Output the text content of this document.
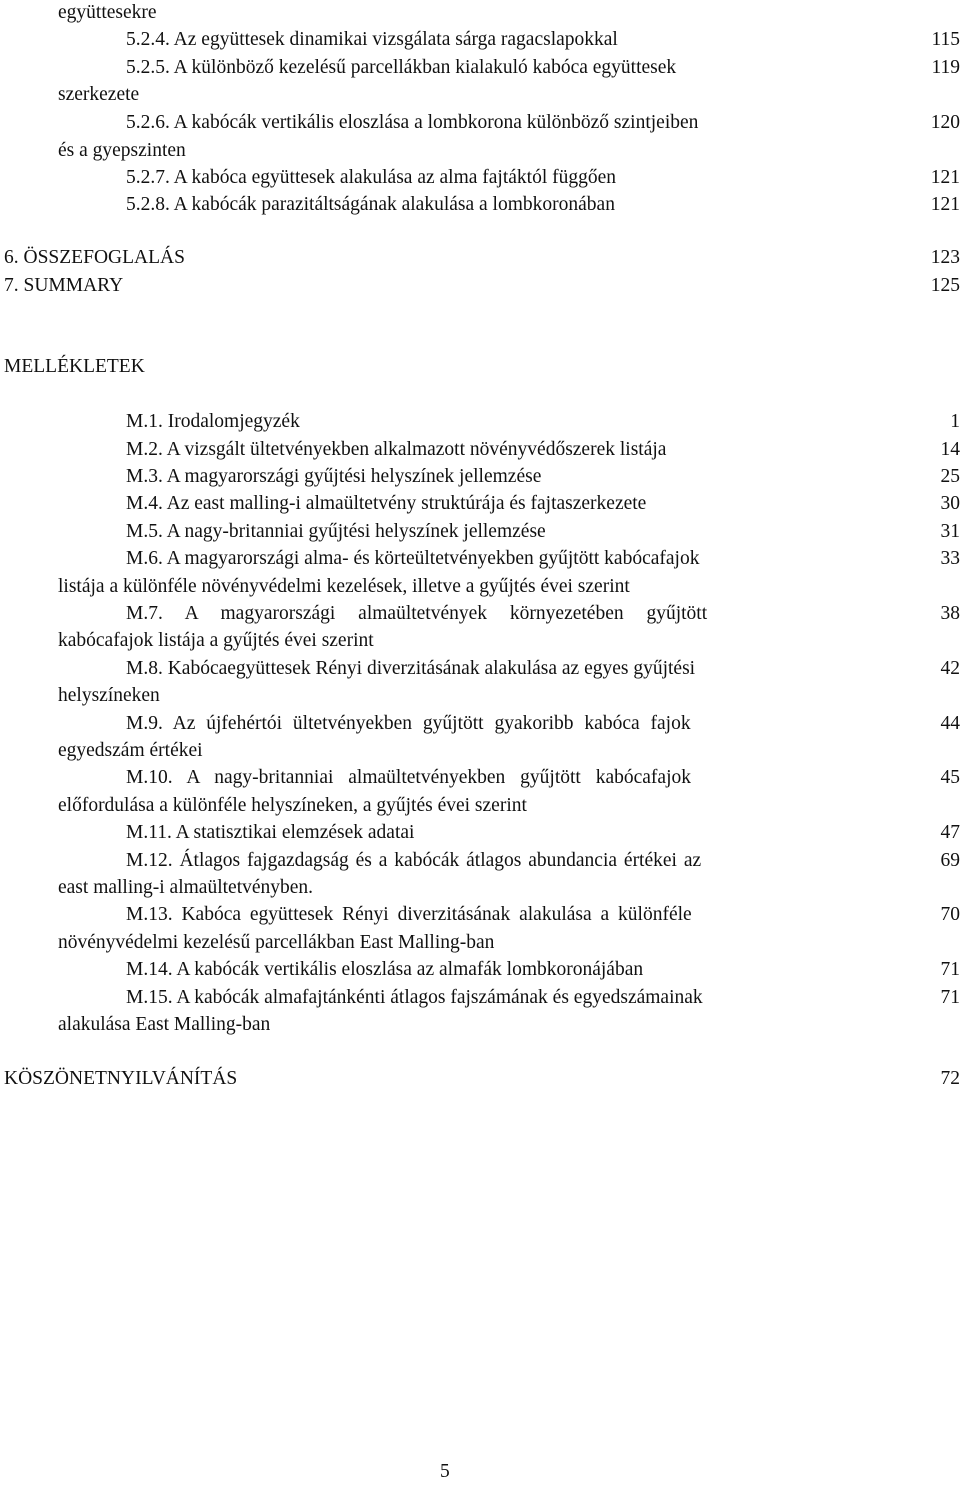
együttesekre
5.2.4. Az együttesek dinamikai vizsgálata sárga ragacslapokkal	115
5.2.5. A különböző kezelésű parcellákban kialakuló kabóca együttesek	119
szerkezete
5.2.6. A kabócák vertikális eloszlása a lombkorona különböző szintjeiben	120
és a gyepszinten
5.2.7. A kabóca együttesek alakulása az alma fajtáktól függően	121
5.2.8. A kabócák parazitáltságának alakulása a lombkoronában	121
6. ÖSSZEFOGLALÁS	123
7. SUMMARY	125
MELLÉKLETEK
M.1. Irodalomjegyzék	1
M.2. A vizsgált ültetvényekben alkalmazott növényvédőszerek listája	14
M.3. A magyarországi gyűjtési helyszínek jellemzése	25
M.4. Az east malling-i almaültetvény struktúrája és fajtaszerkezete	30
M.5. A nagy-britanniai gyűjtési helyszínek jellemzése	31
M.6. A magyarországi alma- és körteültetvényekben gyűjtött kabócafajok	33
listája a különféle növényvédelmi kezelések, illetve a gyűjtés évei szerint
M.7. A magyarországi almaültetvények környezetében gyűjtött	38
kabócafajok listája a gyűjtés évei szerint
M.8. Kabócaegyüttesek Rényi diverzitásának alakulása az egyes gyűjtési	42
helyszíneken
M.9. Az újfehértói ültetvényekben gyűjtött gyakoribb kabóca fajok	44
egyedszám értékei
M.10. A nagy-britanniai almaültetvényekben gyűjtött kabócafajok	45
előfordulása a különféle helyszíneken, a gyűjtés évei szerint
M.11. A statisztikai elemzések adatai	47
M.12. Átlagos fajgazdagság és a kabócák átlagos abundancia értékei az	69
east malling-i almaültetvényben.
M.13. Kabóca együttesek Rényi diverzitásának alakulása a különféle	70
növényvédelmi kezelésű parcellákban East Malling-ban
M.14. A kabócák vertikális eloszlása az almafák lombkoronájában	71
M.15. A kabócák almafajtánkénti átlagos fajszámának és egyedszámainak	71
alakulása East Malling-ban
KÖSZÖNETNYILVÁNÍTÁS	72
5
